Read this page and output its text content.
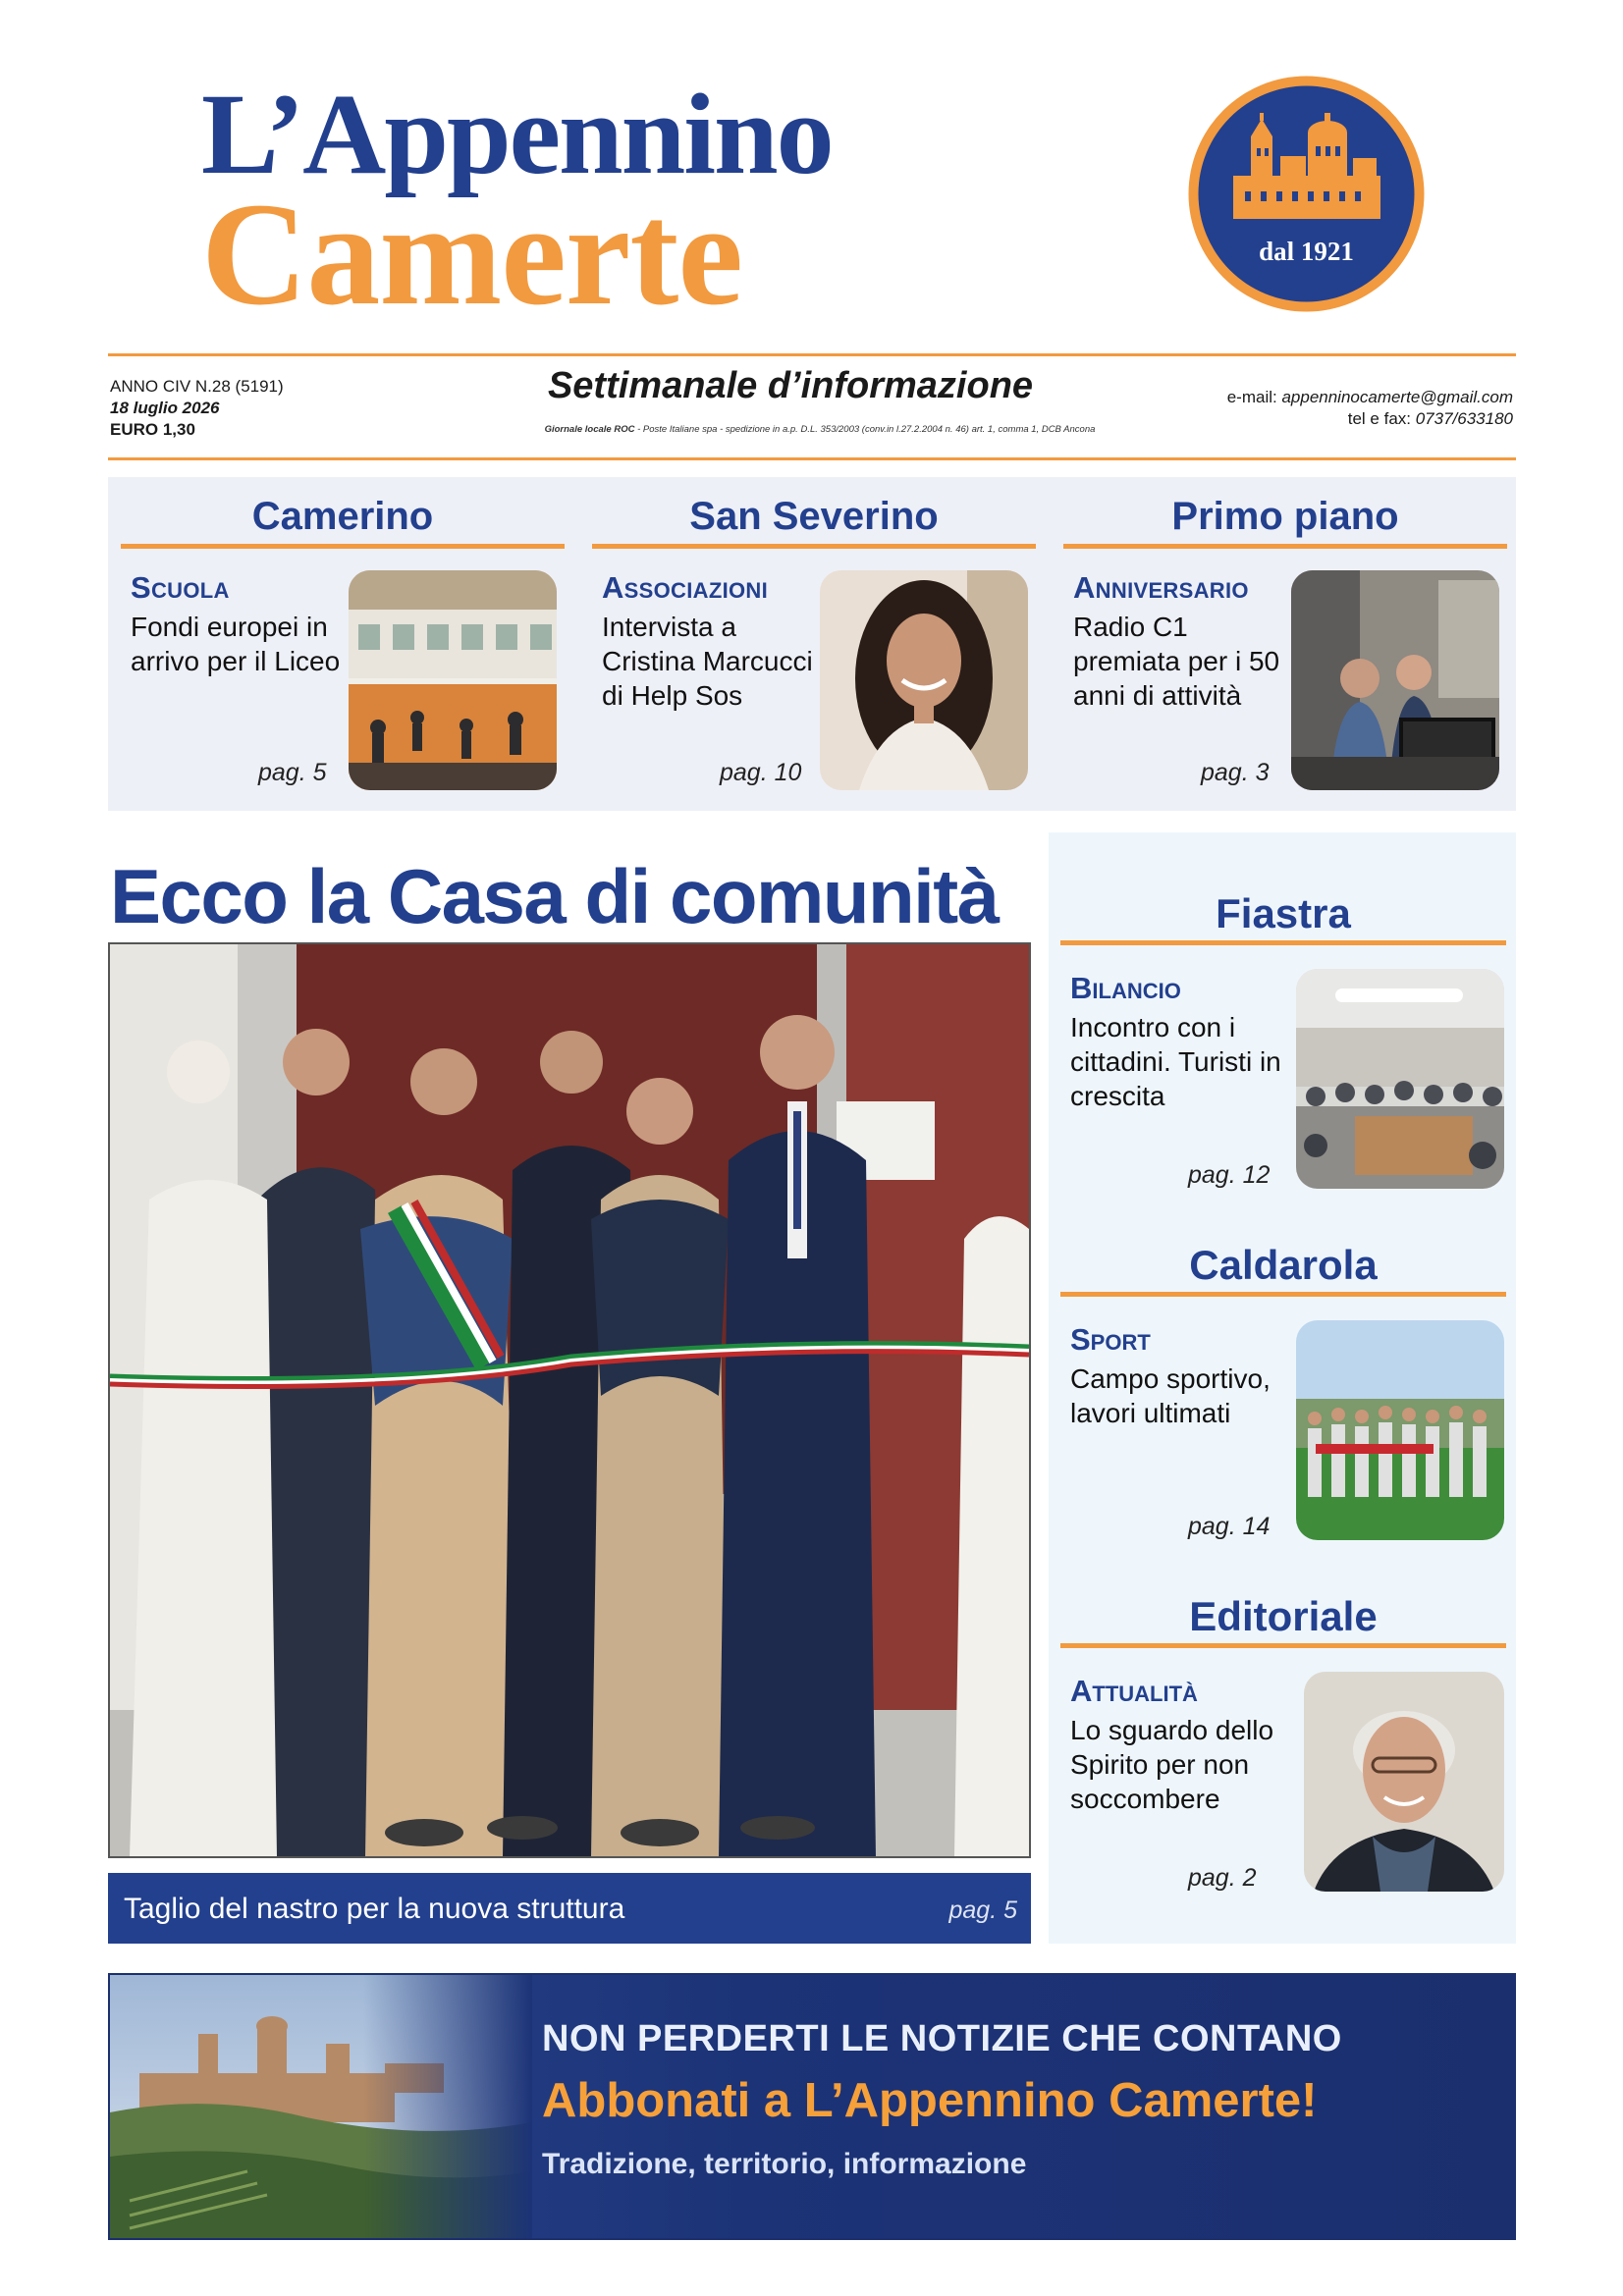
L’Appennino
Camerte	dal 1921
ANNO CIV N.28 (5191)
18 luglio 2026
EURO 1,30
Settimanale d’informazione
Giornale locale ROC - Poste Italiane spa - spedizione in a.p. D.L. 353/2003 (conv.in l.27.2.2004 n. 46) art. 1, comma 1, DCB Ancona
e-mail: appenninocamerte@gmail.com
tel e fax: 0737/633180
Camerino
Scuola
Fondi europei in arrivo per il Liceo
pag. 5
San Severino
Associazioni
Intervista a Cristina Marcucci di Help Sos
pag. 10
Primo piano
Anniversario
Radio C1 premiata per i 50 anni di attività
pag. 3
Ecco la Casa di comunità
Taglio del nastro per la nuova struttura	pag. 5
Fiastra
Bilancio
Incontro con i cittadini. Turisti in crescita
pag. 12
Caldarola
Sport
Campo sportivo, lavori ultimati
pag. 14
Editoriale
Attualità
Lo sguardo dello Spirito per non soccombere
pag. 2
NON PERDERTI LE NOTIZIE CHE CONTANO
Abbonati a L’Appennino Camerte!
Tradizione, territorio, informazione
